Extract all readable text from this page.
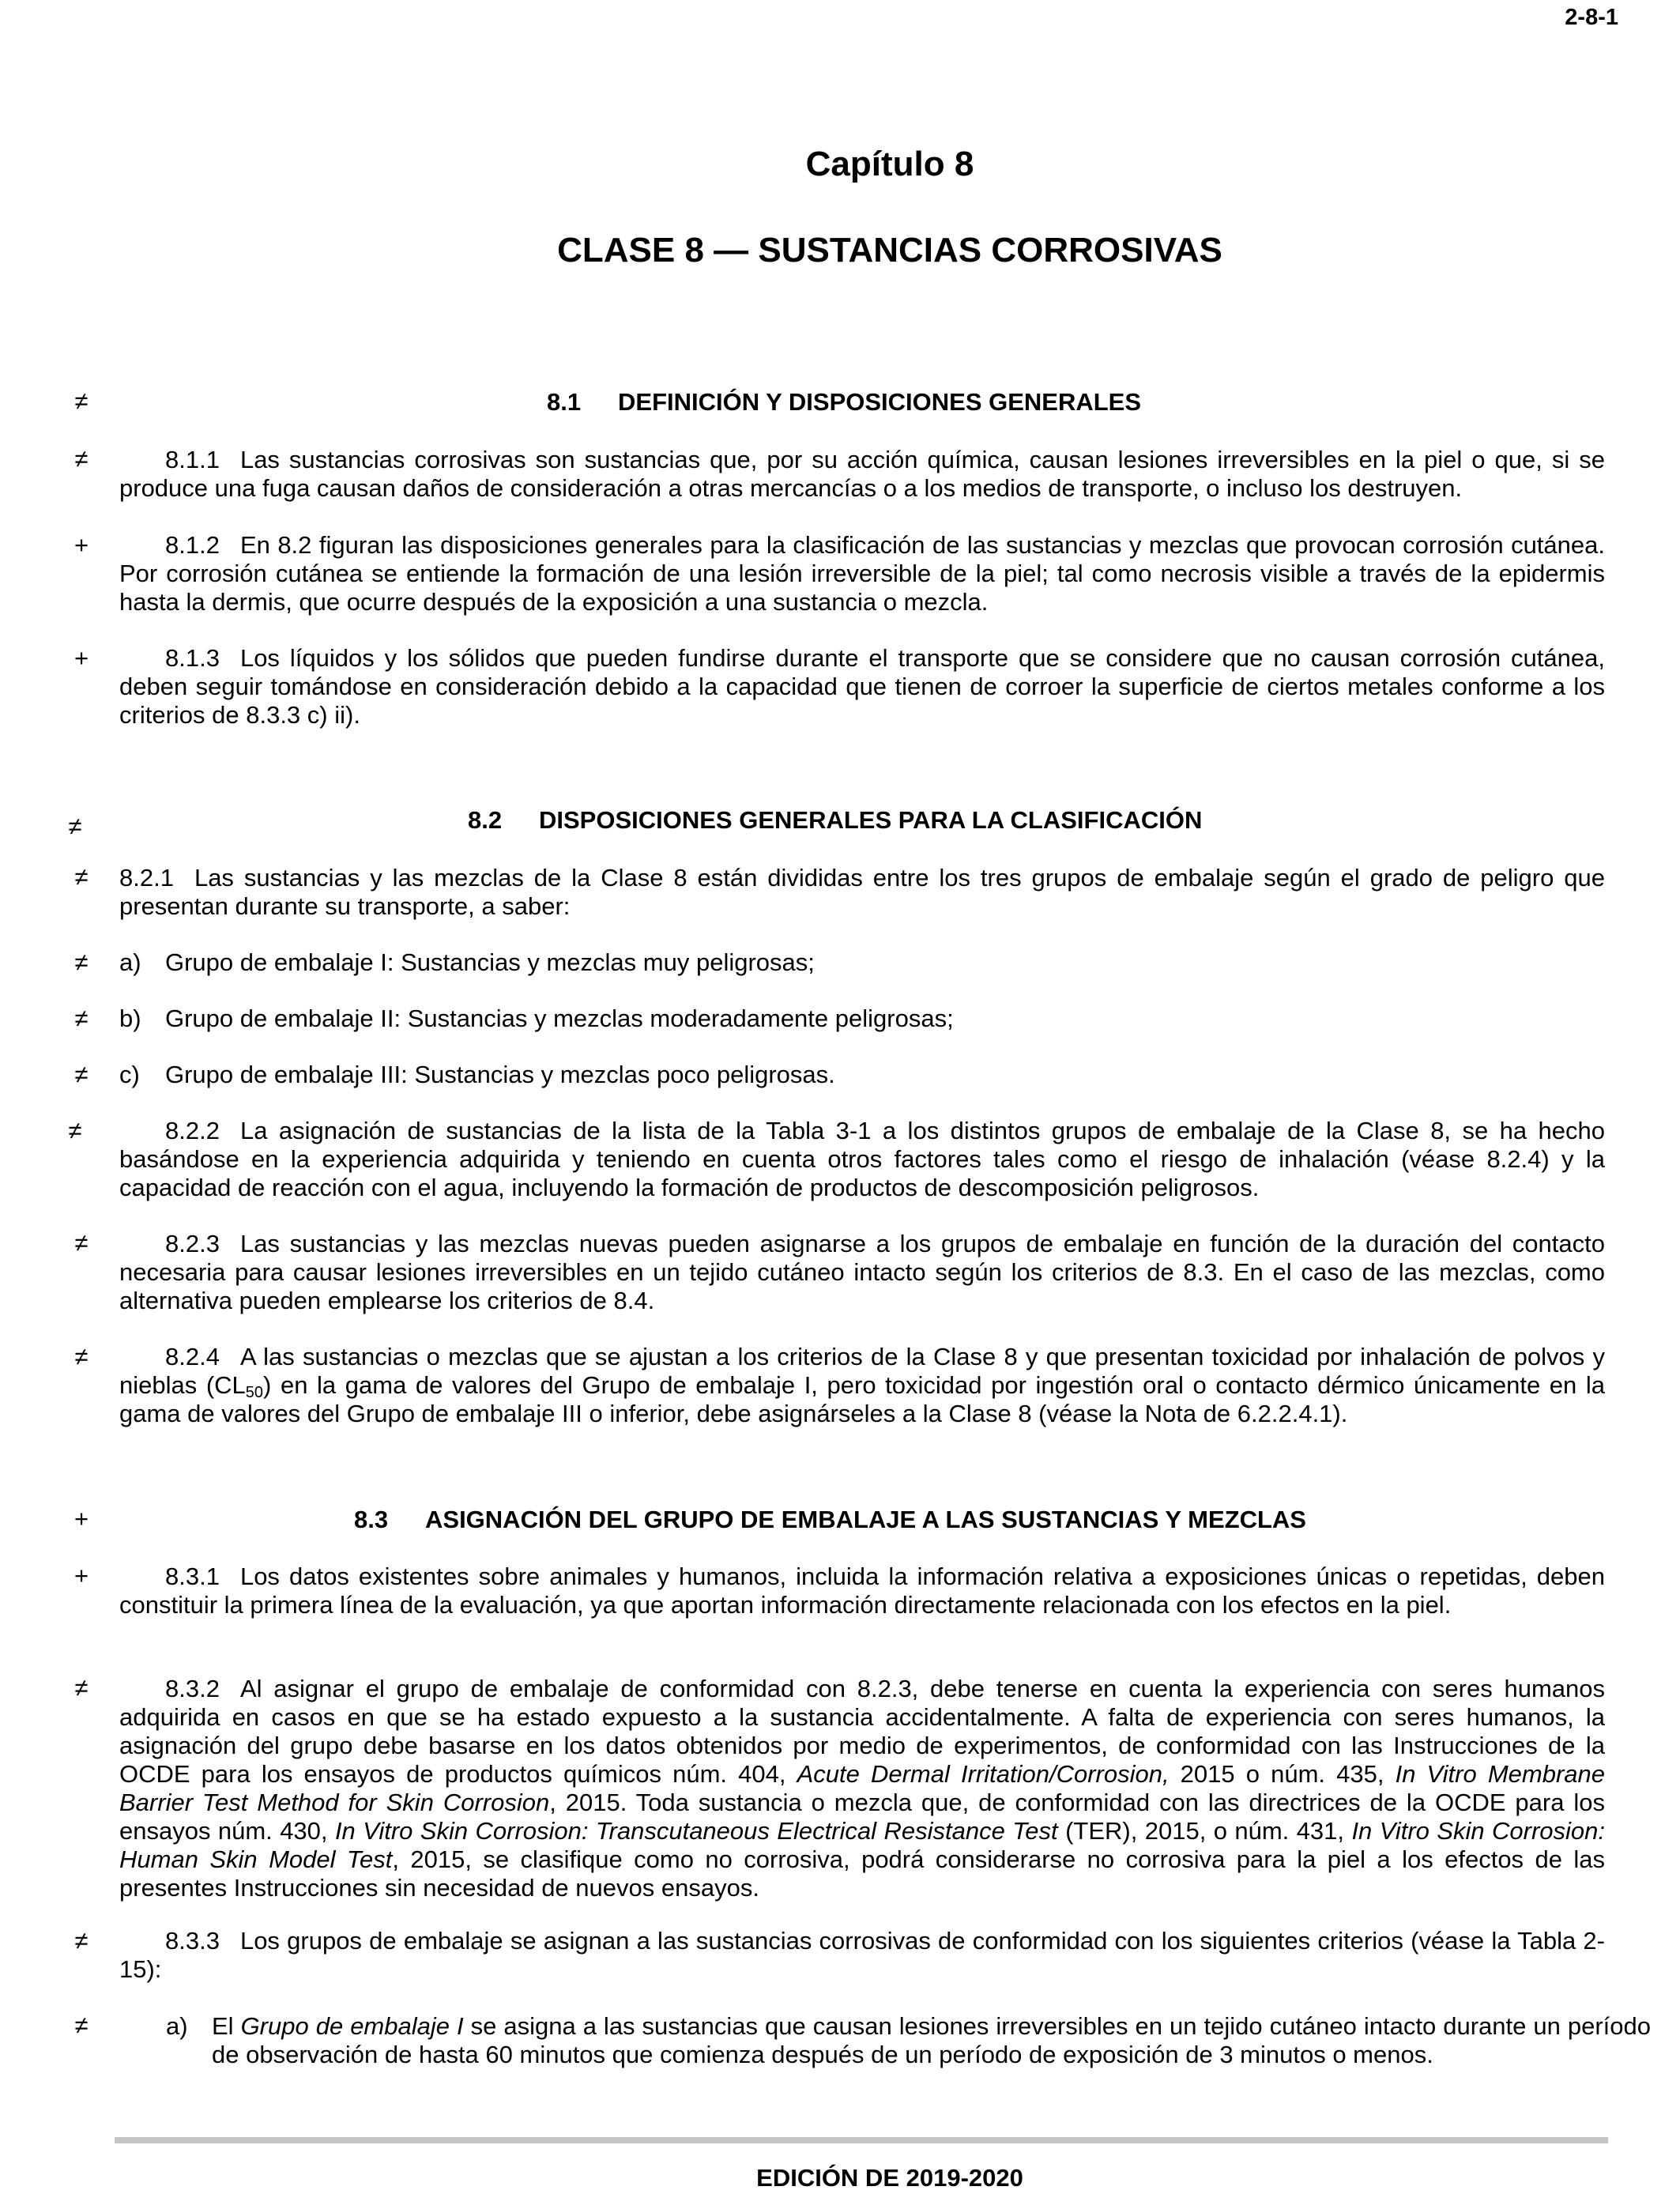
2-8-1
Capítulo 8
CLASE 8 — SUSTANCIAS CORROSIVAS
≠	8.1 DEFINICIÓN Y DISPOSICIONES GENERALES
≠	8.1.1 Las sustancias corrosivas son sustancias que, por su acción química, causan lesiones irreversibles en la piel o que, si se produce una fuga causan daños de consideración a otras mercancías o a los medios de transporte, o incluso los destruyen.
+	8.1.2 En 8.2 figuran las disposiciones generales para la clasificación de las sustancias y mezclas que provocan corrosión cutánea. Por corrosión cutánea se entiende la formación de una lesión irreversible de la piel; tal como necrosis visible a través de la epidermis hasta la dermis, que ocurre después de la exposición a una sustancia o mezcla.
+	8.1.3 Los líquidos y los sólidos que pueden fundirse durante el transporte que se considere que no causan corrosión cutánea, deben seguir tomándose en consideración debido a la capacidad que tienen de corroer la superficie de ciertos metales conforme a los criterios de 8.3.3 c) ii).
≠	8.2 DISPOSICIONES GENERALES PARA LA CLASIFICACIÓN
≠ 8.2.1 Las sustancias y las mezclas de la Clase 8 están divididas entre los tres grupos de embalaje según el grado de peligro que presentan durante su transporte, a saber:
≠ a) Grupo de embalaje I: Sustancias y mezclas muy peligrosas;
≠ b) Grupo de embalaje II: Sustancias y mezclas moderadamente peligrosas;
≠ c) Grupo de embalaje III: Sustancias y mezclas poco peligrosas.
≠	8.2.2 La asignación de sustancias de la lista de la Tabla 3-1 a los distintos grupos de embalaje de la Clase 8, se ha hecho basándose en la experiencia adquirida y teniendo en cuenta otros factores tales como el riesgo de inhalación (véase 8.2.4) y la capacidad de reacción con el agua, incluyendo la formación de productos de descomposición peligrosos.
≠	8.2.3 Las sustancias y las mezclas nuevas pueden asignarse a los grupos de embalaje en función de la duración del contacto necesaria para causar lesiones irreversibles en un tejido cutáneo intacto según los criterios de 8.3. En el caso de las mezclas, como alternativa pueden emplearse los criterios de 8.4.
≠	8.2.4 A las sustancias o mezclas que se ajustan a los criterios de la Clase 8 y que presentan toxicidad por inhalación de polvos y nieblas $(CL_{50})$ en la gama de valores del Grupo de embalaje I, pero toxicidad por ingestión oral o contacto dérmico únicamente en la gama de valores del Grupo de embalaje III o inferior, debe asignárseles a la Clase 8 (véase la Nota de 6.2.2.4.1).
+	8.3 ASIGNACIÓN DEL GRUPO DE EMBALAJE A LAS SUSTANCIAS Y MEZCLAS
+	8.3.1 Los datos existentes sobre animales y humanos, incluida la información relativa a exposiciones únicas o repetidas, deben constituir la primera línea de la evaluación, ya que aportan información directamente relacionada con los efectos en la piel.
≠	8.3.2 Al asignar el grupo de embalaje de conformidad con 8.2.3, debe tenerse en cuenta la experiencia con seres humanos adquirida en casos en que se ha estado expuesto a la sustancia accidentalmente. A falta de experiencia con seres humanos, la asignación del grupo debe basarse en los datos obtenidos por medio de experimentos, de conformidad con las Instrucciones de la OCDE para los ensayos de productos químicos núm. 404, Acute Dermal Irritation/Corrosion, 2015 o núm. 435, In Vitro Membrane Barrier Test Method for Skin Corrosion, 2015. Toda sustancia o mezcla que, de conformidad con las directrices de la OCDE para los ensayos núm. 430, In Vitro Skin Corrosion: Transcutaneous Electrical Resistance Test (TER), 2015, o núm. 431, In Vitro Skin Corrosion: Human Skin Model Test, 2015, se clasifique como no corrosiva, podrá considerarse no corrosiva para la piel a los efectos de las presentes Instrucciones sin necesidad de nuevos ensayos.
≠	8.3.3 Los grupos de embalaje se asignan a las sustancias corrosivas de conformidad con los siguientes criterios (véase la Tabla 2-15):
≠	a) El Grupo de embalaje I se asigna a las sustancias que causan lesiones irreversibles en un tejido cutáneo intacto durante un período de observación de hasta 60 minutos que comienza después de un período de exposición de 3 minutos o menos.
EDICIÓN DE 2019-2020
